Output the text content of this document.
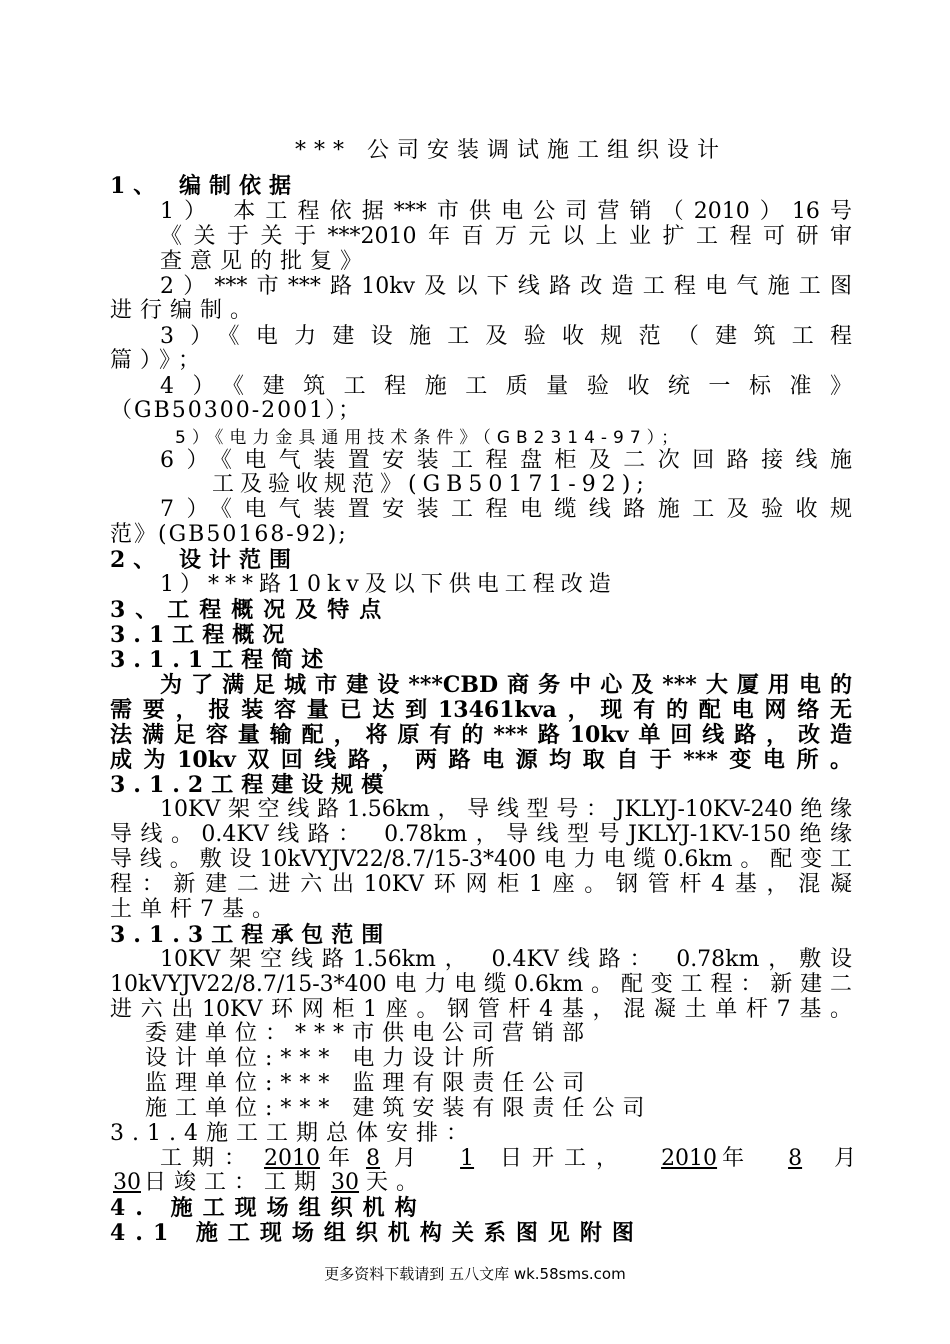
*** 公司安装调试施工组织设计
1、 编制依据
1） 本工程依据***市供电公司营销（2010）16号
《关于关于***2010年百万元以上业扩工程可研审
查意见的批复》
2）***市***路10kv及以下线路改造工程电气施工图
进行编制。
3）《电力建设施工及验收规范（建筑工程
篇）》；
4）《建筑工程施工质量验收统一标准》
（GB50300-2001）；
5）《电力金具通用技术条件》（GB2314-97）；
6）《电气装置安装工程盘柜及二次回路接线施
工及验收规范》(GB50171-92);
7）《电气装置安装工程电缆线路施工及验收规
范》(GB50168-92);
2、 设计范围
1）***路10kv及以下供电工程改造
3、工程概况及特点
3.1工程概况
3.1.1工程简述
为了满足城市建设***CBD商务中心及***大厦用电的
需要，报装容量已达到13461kva，现有的配电网络无
法满足容量输配，将原有的***路10kv单回线路，改造
成为10kv双回线路，两路电源均取自于***变电所。
3.1.2工程建设规模
10KV架空线路1.56km，导线型号：JKLYJ-10KV-240绝缘
导线。0.4KV线路： 0.78km，导线型号JKLYJ-1KV-150绝缘
导线。敷设10kVYJV22/8.7/15-3*400电力电缆0.6km。配变工
程：新建二进六出10KV环网柜1座。钢管杆4基，混凝
土单杆7基。
3.1.3工程承包范围
10KV架空线路1.56km， 0.4KV线路： 0.78km，敷设
10kVYJV22/8.7/15-3*400电力电缆0.6km。配变工程：新建二
进六出10KV环网柜1座。钢管杆4基，混凝土单杆7基。
委建单位：***市供电公司营销部
设计单位:*** 电力设计所
监理单位:*** 监理有限责任公司
施工单位:*** 建筑安装有限责任公司
3.1.4施工工期总体安排：
工期： 2010 年 8 月 1 日开工， 2010 年 8 月
30 日竣工：工期 30 天。
4. 施工现场组织机构
4.1 施工现场组织机构关系图见附图
更多资料下载请到 五八文库 wk.58sms.com
